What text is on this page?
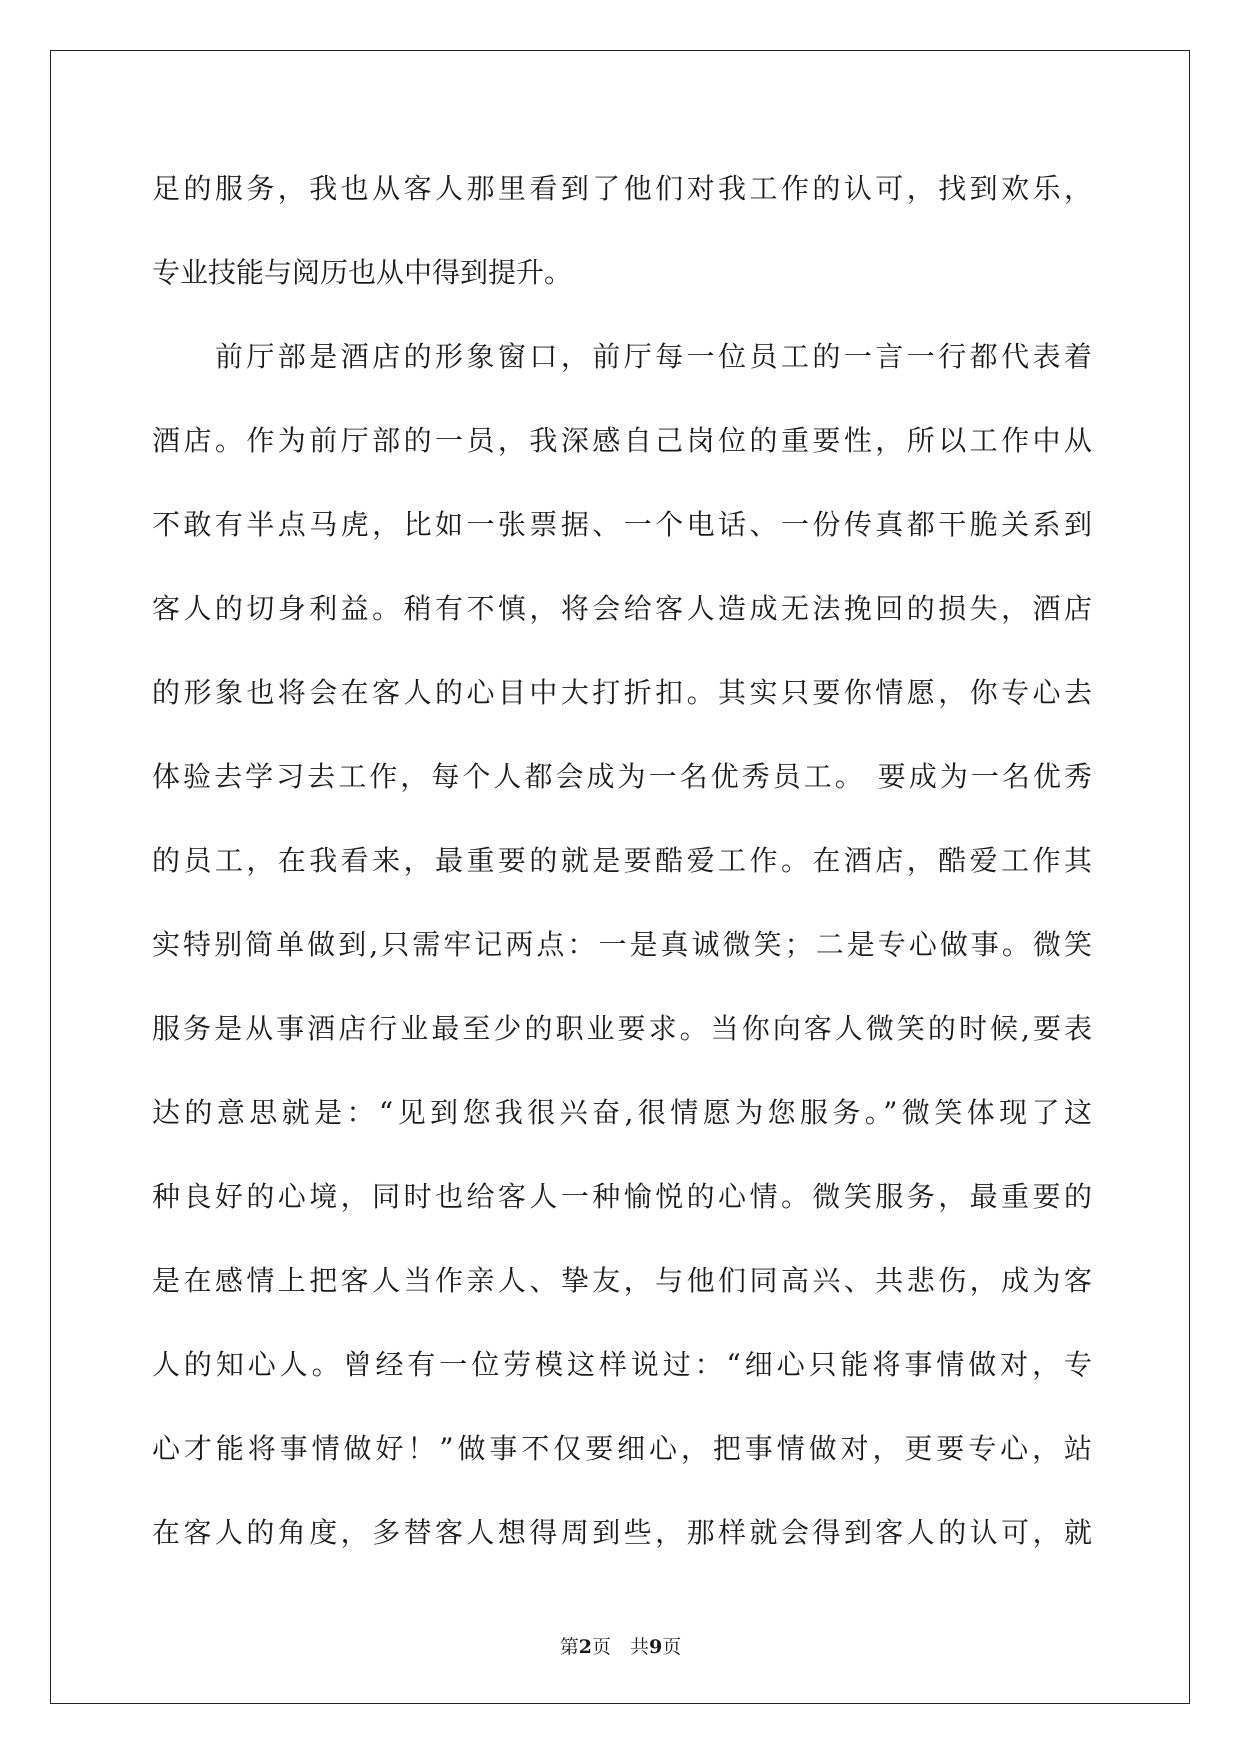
足的服务，我也从客人那里看到了他们对我工作的认可，找到欢乐，
专业技能与阅历也从中得到提升。
　　前厅部是酒店的形象窗口，前厅每一位员工的一言一行都代表着
酒店。作为前厅部的一员，我深感自己岗位的重要性，所以工作中从
不敢有半点马虎，比如一张票据、一个电话、一份传真都干脆关系到
客人的切身利益。稍有不慎，将会给客人造成无法挽回的损失，酒店
的形象也将会在客人的心目中大打折扣。其实只要你情愿，你专心去
体验去学习去工作，每个人都会成为一名优秀员工。 要成为一名优秀
的员工，在我看来，最重要的就是要酷爱工作。在酒店，酷爱工作其
实特别简单做到,只需牢记两点：一是真诚微笑；二是专心做事。微笑
服务是从事酒店行业最至少的职业要求。当你向客人微笑的时候,要表
达的意思就是：“见到您我很兴奋,很情愿为您服务。”微笑体现了这
种良好的心境，同时也给客人一种愉悦的心情。微笑服务，最重要的
是在感情上把客人当作亲人、挚友，与他们同高兴、共悲伤，成为客
人的知心人。曾经有一位劳模这样说过：“细心只能将事情做对，专
心才能将事情做好！”做事不仅要细心，把事情做对，更要专心，站
在客人的角度，多替客人想得周到些，那样就会得到客人的认可，就
第2页　 共9页
